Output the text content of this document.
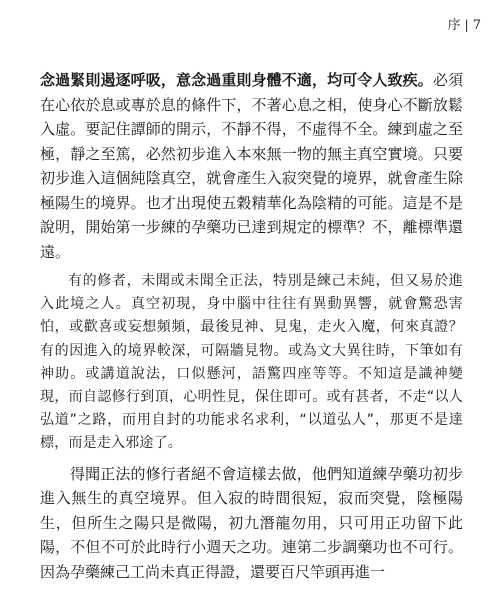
序 | 7

念過緊則遏逐呼吸，意念過重則身體不適，均可令人致疾。必須在心依於息或專於息的條件下，不著心息之相，使身心不斷放鬆入虛。要記住譚師的開示，不靜不得，不虛得不全。練到虛之至極，靜之至篤，必然初步進入本來無一物的無主真空實境。只要初步進入這個純陰真空，就會產生入寂突覺的境界，就會產生除極陽生的境界。也才出現使五穀精華化為陰精的可能。這是不是說明，開始第一步練的孕藥功已達到規定的標準？不，離標準還遠。

有的修者，未聞或未聞全正法，特別是練己未純，但又易於進入此境之人。真空初現，身中腦中往往有異動異響，就會驚恐害怕，或歡喜或妄想頻頻，最後見神、見鬼，走火入魔，何來真證？有的因進入的境界較深，可隔牆見物。或為文大異往時，下筆如有神助。或講道說法，口似懸河，語驚四座等等。不知這是識神變現，而自認修行到頂，心明性見，保住即可。或有甚者，不走“以人弘道”之路，而用自封的功能求名求利，“以道弘人”，那更不是達標，而是走入邪途了。

得聞正法的修行者絕不會這樣去做，他們知道練孕藥功初步進入無生的真空境界。但入寂的時間很短，寂而突覺，陰極陽生，但所生之陽只是微陽，初九潛龍勿用，只可用正功留下此陽，不但不可於此時行小週天之功。連第二步調藥功也不可行。因為孕藥練己工尚未真正得證，還要百尺竿頭再進一
